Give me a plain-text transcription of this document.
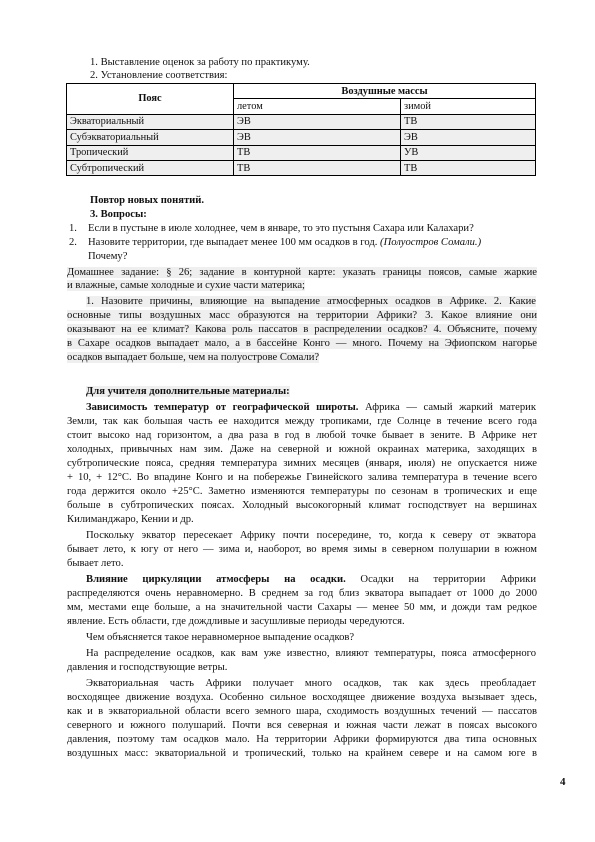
1. Выставление оценок за работу по практикуму.
2. Установление соответствия:
Пояс	Воздушные массы	
	летом	зимой
Экваториальный	ЭВ	ТВ
Субэкваториальный	ЭВ	ЭВ
Тропический	ТВ	УВ
Субтропический	ТВ	ТВ
Повтор новых понятий.
3. Вопросы:
1. Если в пустыне в июле холоднее, чем в январе, то это пустыня Сахара или Калахари?
2. Назовите территории, где выпадает менее 100 мм осадков в год. (Полуостров Сомали.)
Почему?
Домашнее задание: § 26; задание в контурной карте: указать границы поясов, самые жаркие
и влажные, самые холодные и сухие части материка;
1. Назовите причины, влияющие на выпадение атмосферных осадков в Африке. 2. Какие
основные типы воздушных масс образуются на территории Африки? 3. Какое влияние они
оказывают на ее климат? Какова роль пассатов в распределении осадков? 4. Объясните, почему
в Сахаре осадков выпадает мало, а в бассейне Конго — много. Почему на Эфиопском нагорье
осадков выпадает больше, чем на полуострове Сомали?
Для учителя дополнительные материалы:
Зависимость температур от географической широты. Африка — самый жаркий материк
Земли, так как большая часть ее находится между тропиками, где Солнце в течение всего года
стоит высоко над горизонтом, а два раза в год в любой точке бывает в зените. В Африке нет
холодных, привычных нам зим. Даже на северной и южной окраинах материка, заходящих в
субтропические пояса, средняя температура зимних месяцев (января, июля) не опускается ниже
+ 10, + 12°С. Во впадине Конго и на побережье Гвинейского залива температура в течение всего
года держится около +25°С. Заметно изменяются температуры по сезонам в тропических и еще
больше в субтропических поясах. Холодный высокогорный климат господствует на вершинах
Килиманджаро, Кении и др.
Поскольку экватор пересекает Африку почти посередине, то, когда к северу от экватора
бывает лето, к югу от него — зима и, наоборот, во время зимы в северном полушарии в южном
бывает лето.
Влияние циркуляции атмосферы на осадки. Осадки на территории Африки
распределяются очень неравномерно. В среднем за год близ экватора выпадает от 1000 до 2000
мм, местами еще больше, а на значительной части Сахары — менее 50 мм, и дожди там редкое
явление. Есть области, где дождливые и засушливые периоды чередуются.
Чем объясняется такое неравномерное выпадение осадков?
На распределение осадков, как вам уже известно, влияют температуры, пояса атмосферного
давления и господствующие ветры.
Экваториальная часть Африки получает много осадков, так как здесь преобладает
восходящее движение воздуха. Особенно сильное восходящее движение воздуха вызывает здесь,
как и в экваториальной области всего земного шара, сходимость воздушных течений — пассатов
северного и южного полушарий. Почти вся северная и южная части лежат в поясах высокого
давления, поэтому там осадков мало. На территории Африки формируются два типа основных
воздушных масс: экваториальной и тропический, только на крайнем севере и на самом юге в
4
